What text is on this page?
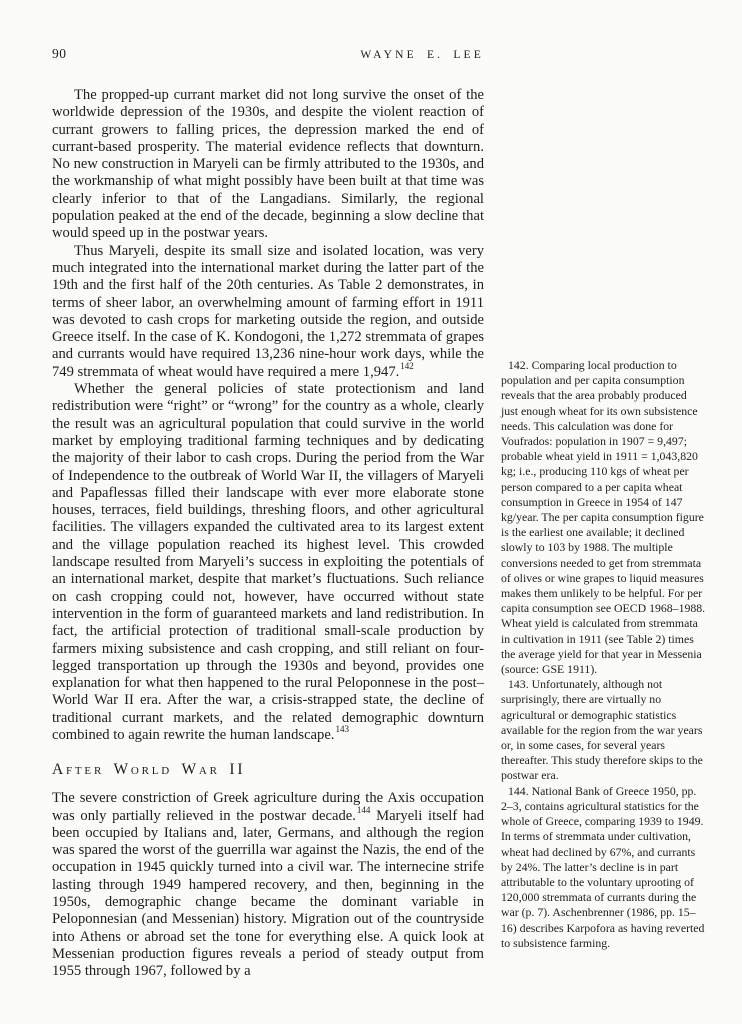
90	WAYNE E. LEE

The propped-up currant market did not long survive the onset of the worldwide depression of the 1930s, and despite the violent reaction of currant growers to falling prices, the depression marked the end of currant-based prosperity. The material evidence reflects that downturn. No new construction in Maryeli can be firmly attributed to the 1930s, and the workmanship of what might possibly have been built at that time was clearly inferior to that of the Langadians. Similarly, the regional population peaked at the end of the decade, beginning a slow decline that would speed up in the postwar years.

Thus Maryeli, despite its small size and isolated location, was very much integrated into the international market during the latter part of the 19th and the first half of the 20th centuries. As Table 2 demonstrates, in terms of sheer labor, an overwhelming amount of farming effort in 1911 was devoted to cash crops for marketing outside the region, and outside Greece itself. In the case of K. Kondogoni, the 1,272 stremmata of grapes and currants would have required 13,236 nine-hour work days, while the 749 stremmata of wheat would have required a mere 1,947.$^{142}$

Whether the general policies of state protectionism and land redistribution were “right” or “wrong” for the country as a whole, clearly the result was an agricultural population that could survive in the world market by employing traditional farming techniques and by dedicating the majority of their labor to cash crops. During the period from the War of Independence to the outbreak of World War II, the villagers of Maryeli and Papaflessas filled their landscape with ever more elaborate stone houses, terraces, field buildings, threshing floors, and other agricultural facilities. The villagers expanded the cultivated area to its largest extent and the village population reached its highest level. This crowded landscape resulted from Maryeli’s success in exploiting the potentials of an international market, despite that market’s fluctuations. Such reliance on cash cropping could not, however, have occurred without state intervention in the form of guaranteed markets and land redistribution. In fact, the artificial protection of traditional small-scale production by farmers mixing subsistence and cash cropping, and still reliant on four-legged transportation up through the 1930s and beyond, provides one explanation for what then happened to the rural Peloponnese in the post–World War II era. After the war, a crisis-strapped state, the decline of traditional currant markets, and the related demographic downturn combined to again rewrite the human landscape.$^{143}$

After World War II

The severe constriction of Greek agriculture during the Axis occupation was only partially relieved in the postwar decade.$^{144}$ Maryeli itself had been occupied by Italians and, later, Germans, and although the region was spared the worst of the guerrilla war against the Nazis, the end of the occupation in 1945 quickly turned into a civil war. The internecine strife lasting through 1949 hampered recovery, and then, beginning in the 1950s, demographic change became the dominant variable in Peloponnesian (and Messenian) history. Migration out of the countryside into Athens or abroad set the tone for everything else. A quick look at Messenian production figures reveals a period of steady output from 1955 through 1967, followed by a

142. Comparing local production to population and per capita consumption reveals that the area probably produced just enough wheat for its own subsistence needs. This calculation was done for Voufrados: population in 1907 = 9,497; probable wheat yield in 1911 = 1,043,820 kg; i.e., producing 110 kgs of wheat per person compared to a per capita wheat consumption in Greece in 1954 of 147 kg/year. The per capita consumption figure is the earliest one available; it declined slowly to 103 by 1988. The multiple conversions needed to get from stremmata of olives or wine grapes to liquid measures makes them unlikely to be helpful. For per capita consumption see OECD 1968–1988. Wheat yield is calculated from stremmata in cultivation in 1911 (see Table 2) times the average yield for that year in Messenia (source: GSE 1911).

143. Unfortunately, although not surprisingly, there are virtually no agricultural or demographic statistics available for the region from the war years or, in some cases, for several years thereafter. This study therefore skips to the postwar era.

144. National Bank of Greece 1950, pp. 2–3, contains agricultural statistics for the whole of Greece, comparing 1939 to 1949. In terms of stremmata under cultivation, wheat had declined by 67%, and currants by 24%. The latter’s decline is in part attributable to the voluntary uprooting of 120,000 stremmata of currants during the war (p. 7). Aschenbrenner (1986, pp. 15–16) describes Karpofora as having reverted to subsistence farming.
